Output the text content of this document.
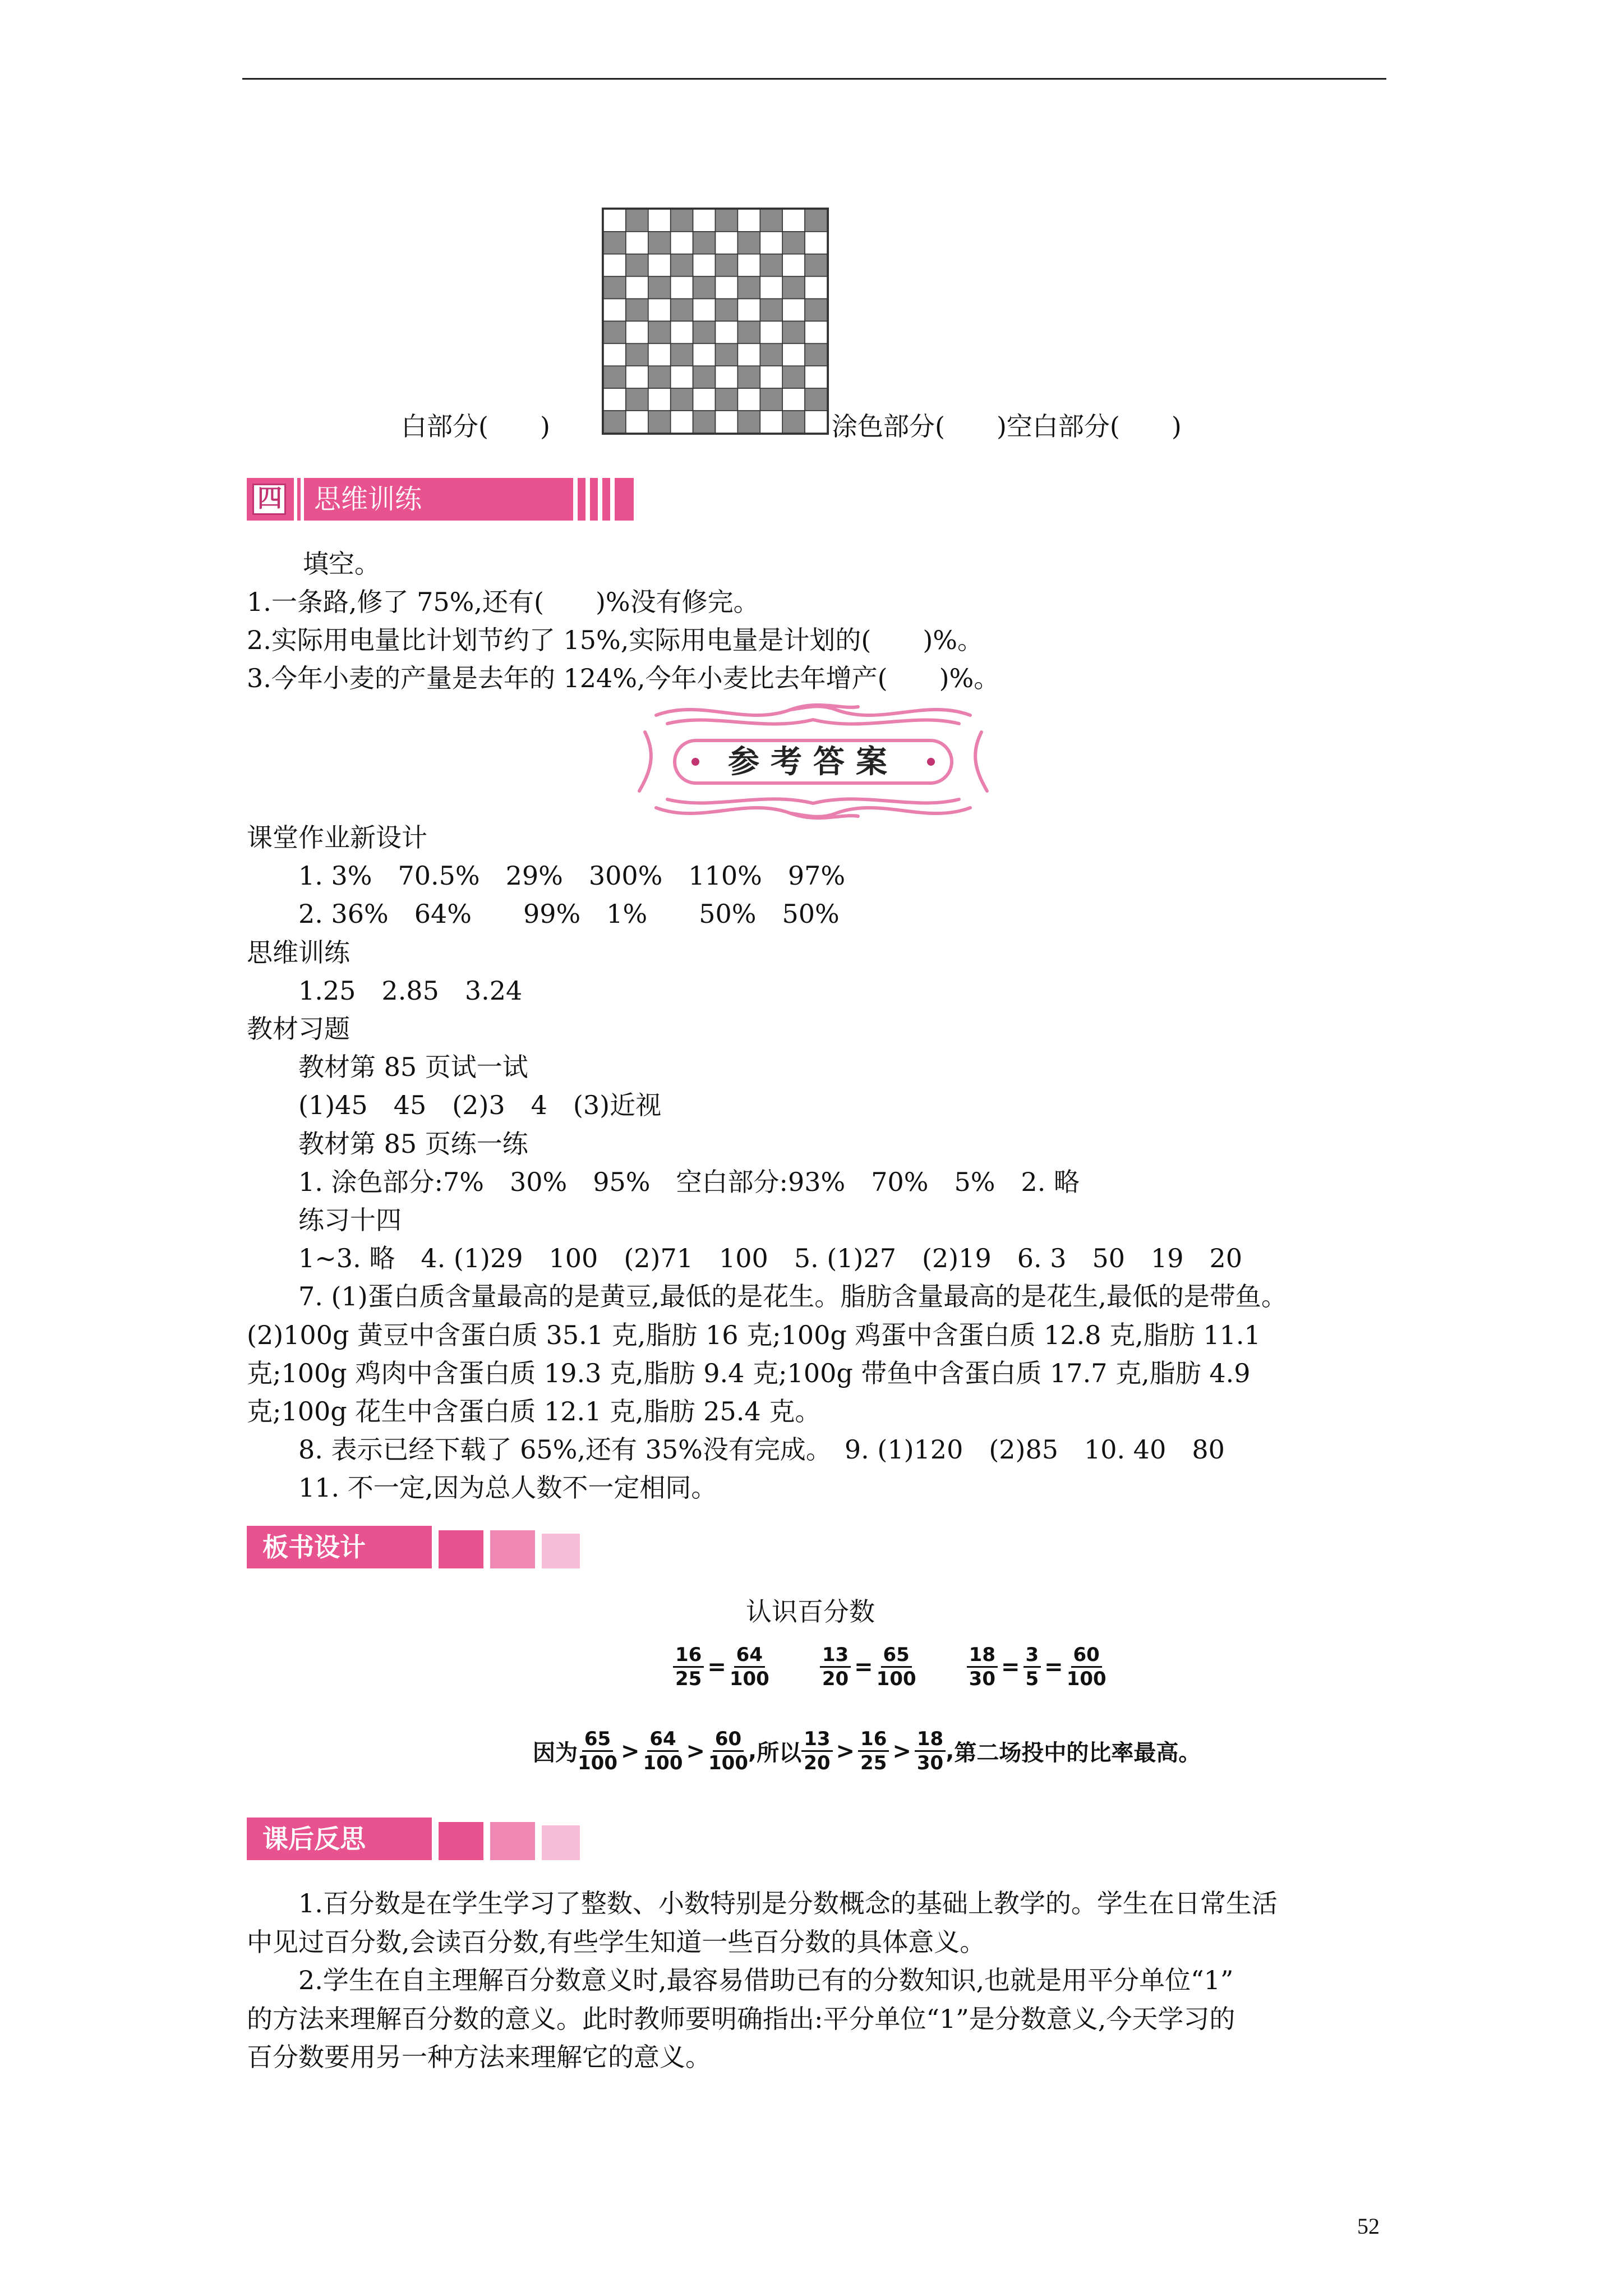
白部分(　　)	涂色部分(　　)空白部分(　　)
四 思维训练
填空。
1.一条路,修了 75%,还有(　　)%没有修完。
2.实际用电量比计划节约了 15%,实际用电量是计划的(　　)%。
3.今年小麦的产量是去年的 124%,今年小麦比去年增产(　　)%。
参考答案
课堂作业新设计
　　1. 3%　70.5%　29%　300%　110%　97%
　　2. 36%　64%　　99%　1%　　50%　50%
思维训练
　　1.25　2.85　3.24
教材习题
　　教材第 85 页试一试
　　(1)45　45　(2)3　4　(3)近视
　　教材第 85 页练一练
　　1. 涂色部分:7%　30%　95%　空白部分:93%　70%　5%　2. 略
　　练习十四
　　1~3. 略　4. (1)29　100　(2)71　100　5. (1)27　(2)19　6. 3　50　19　20
　　7. (1)蛋白质含量最高的是黄豆,最低的是花生。脂肪含量最高的是花生,最低的是带鱼。
(2)100g 黄豆中含蛋白质 35.1 克,脂肪 16 克;100g 鸡蛋中含蛋白质 12.8 克,脂肪 11.1
克;100g 鸡肉中含蛋白质 19.3 克,脂肪 9.4 克;100g 带鱼中含蛋白质 17.7 克,脂肪 4.9
克;100g 花生中含蛋白质 12.1 克,脂肪 25.4 克。
　　8. 表示已经下载了 65%,还有 35%没有完成。　9. (1)120　(2)85　10. 40　80
　　11. 不一定,因为总人数不一定相同。
板书设计
认识百分数
$\frac{16}{25} = \frac{64}{100}$	$\frac{13}{20} = \frac{65}{100}$	$\frac{18}{30} = \frac{3}{5} = \frac{60}{100}$
因为 $\frac{65}{100} > \frac{64}{100} > \frac{60}{100}$ , 所以 $\frac{13}{20} > \frac{16}{25} > \frac{18}{30}$ , 第二场投中的比率最高。
课后反思
　　1.百分数是在学生学习了整数、小数特别是分数概念的基础上教学的。学生在日常生活
中见过百分数,会读百分数,有些学生知道一些百分数的具体意义。
　　2.学生在自主理解百分数意义时,最容易借助已有的分数知识,也就是用平分单位“1”
的方法来理解百分数的意义。此时教师要明确指出:平分单位“1”是分数意义,今天学习的
百分数要用另一种方法来理解它的意义。
52
